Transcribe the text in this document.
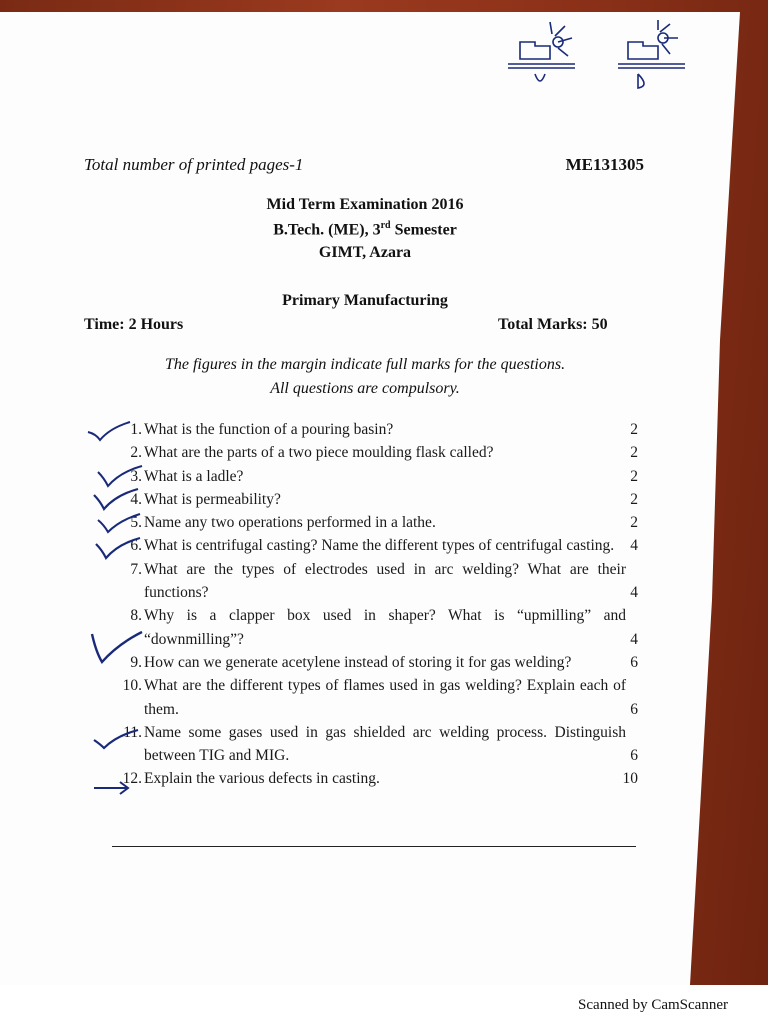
Total number of printed pages-1	ME131305
Mid Term Examination 2016
B.Tech. (ME), 3rd Semester
GIMT, Azara
Primary Manufacturing
Time: 2 Hours	Total Marks: 50
The figures in the margin indicate full marks for the questions.
All questions are compulsory.
1. What is the function of a pouring basin?	2
2. What are the parts of a two piece moulding flask called?	2
3. What is a ladle?	2
4. What is permeability?	2
5. Name any two operations performed in a lathe.	2
6. What is centrifugal casting? Name the different types of centrifugal casting.	4
7. What are the types of electrodes used in arc welding? What are their functions?	4
8. Why is a clapper box used in shaper? What is “upmilling” and “downmilling”?	4
9. How can we generate acetylene instead of storing it for gas welding?	6
10. What are the different types of flames used in gas welding? Explain each of them.	6
11. Name some gases used in gas shielded arc welding process. Distinguish between TIG and MIG.	6
12. Explain the various defects in casting.	10
Scanned by CamScanner
